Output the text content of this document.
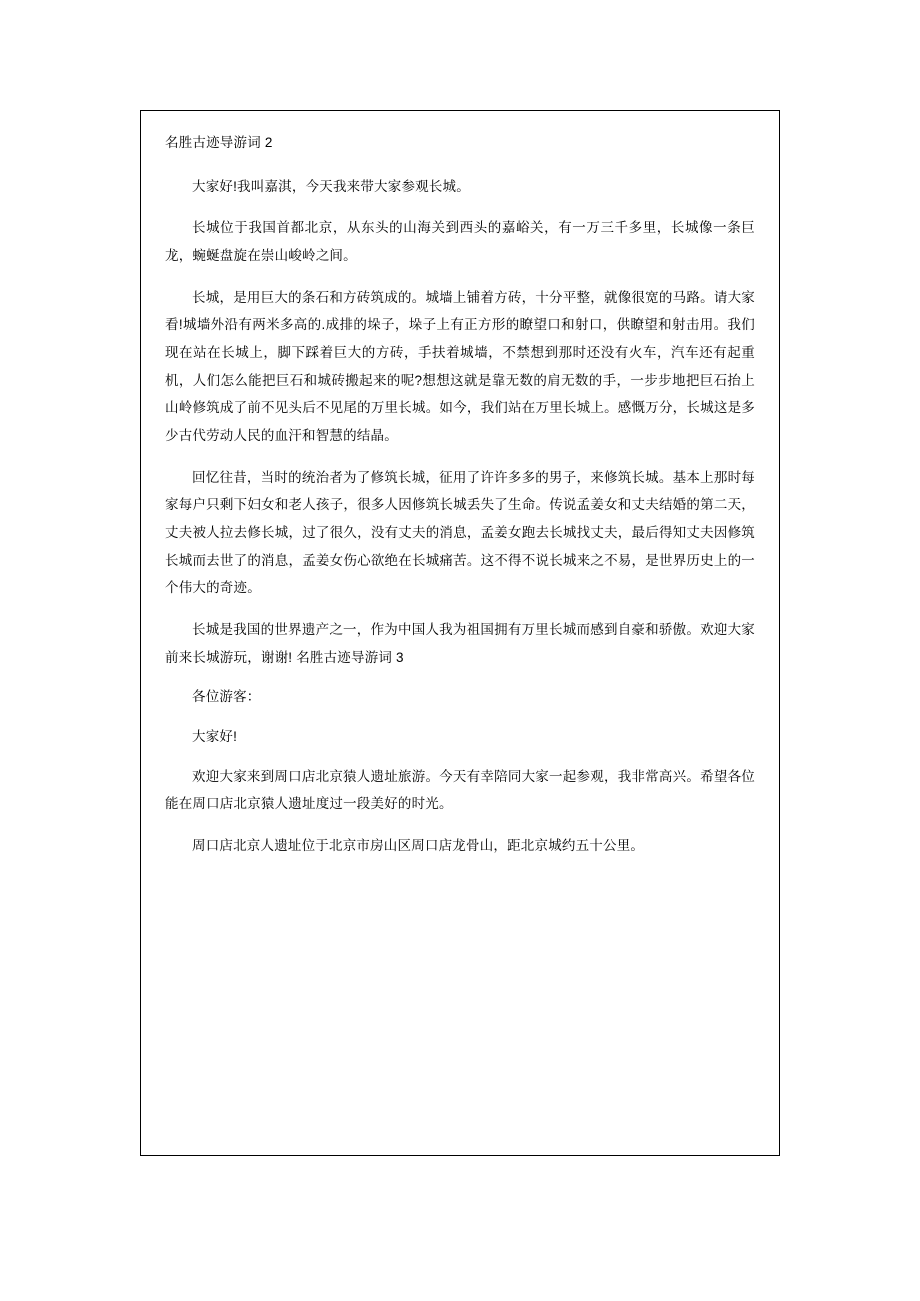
名胜古迹导游词 2

大家好!我叫嘉淇，今天我来带大家参观长城。

长城位于我国首都北京，从东头的山海关到西头的嘉峪关，有一万三千多里，长城像一条巨龙，蜿蜒盘旋在崇山峻岭之间。

长城，是用巨大的条石和方砖筑成的。城墙上铺着方砖，十分平整，就像很宽的马路。请大家看!城墙外沿有两米多高的.成排的垛子，垛子上有正方形的瞭望口和射口，供瞭望和射击用。我们现在站在长城上，脚下踩着巨大的方砖，手扶着城墙，不禁想到那时还没有火车，汽车还有起重机，人们怎么能把巨石和城砖搬起来的呢?想想这就是靠无数的肩无数的手，一步步地把巨石抬上山岭修筑成了前不见头后不见尾的万里长城。如今，我们站在万里长城上。感慨万分，长城这是多少古代劳动人民的血汗和智慧的结晶。

回忆往昔，当时的统治者为了修筑长城，征用了许许多多的男子，来修筑长城。基本上那时每家每户只剩下妇女和老人孩子，很多人因修筑长城丢失了生命。传说孟姜女和丈夫结婚的第二天，丈夫被人拉去修长城，过了很久，没有丈夫的消息，孟姜女跑去长城找丈夫，最后得知丈夫因修筑长城而去世了的消息，孟姜女伤心欲绝在长城痛苦。这不得不说长城来之不易，是世界历史上的一个伟大的奇迹。

长城是我国的世界遗产之一，作为中国人我为祖国拥有万里长城而感到自豪和骄傲。欢迎大家前来长城游玩，谢谢! 名胜古迹导游词 3

各位游客：

大家好!

欢迎大家来到周口店北京猿人遗址旅游。今天有幸陪同大家一起参观，我非常高兴。希望各位能在周口店北京猿人遗址度过一段美好的时光。

周口店北京人遗址位于北京市房山区周口店龙骨山，距北京城约五十公里。
